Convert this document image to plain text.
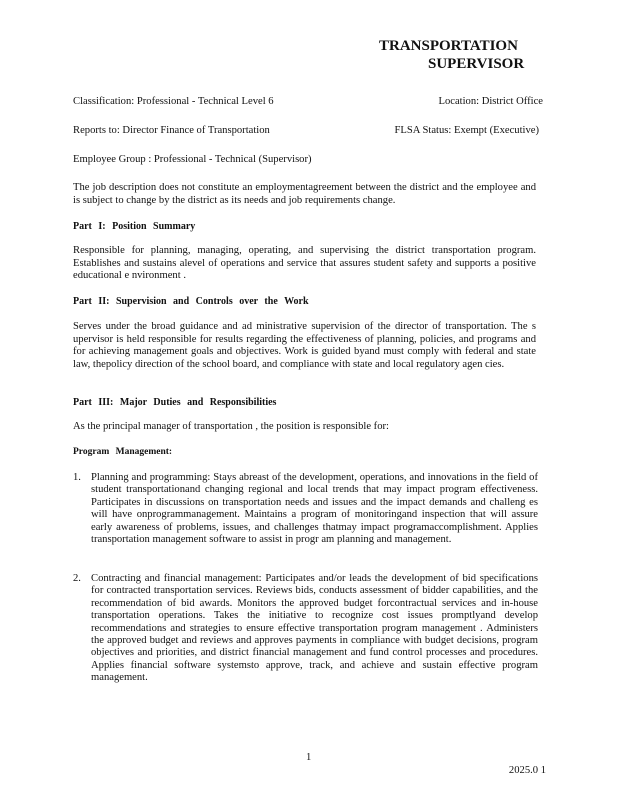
TRANSPORTATION
SUPERVISOR
Classification: Professional - Technical Level 6	Location: District Office
Reports to: Director Finance of Transportation	FLSA Status: Exempt (Executive)
Employee Group : Professional - Technical (Supervisor)
The job description does not constitute an employmentagreement between the district and the employee and is subject to change by the district as its needs and job requirements change.
Part I: Position Summary
Responsible for planning, managing, operating, and supervising the district transportation program. Establishes and sustains alevel of operations and service that assures student safety and supports a positive educational e nvironment .
Part II: Supervision and Controls over the Work
Serves under the broad guidance and ad ministrative supervision of the director of transportation. The s upervisor is held responsible for results regarding the effectiveness of planning, policies, and programs and for achieving management goals and objectives. Work is guided byand must comply with federal and state law, thepolicy direction of the school board, and compliance with state and local regulatory agen cies.
Part III: Major Duties and Responsibilities
As the principal manager of transportation , the position is responsible for:
Program Management:
1. Planning and programming: Stays abreast of the development, operations, and innovations in the field of student transportationand changing regional and local trends that may impact program effectiveness. Participates in discussions on transportation needs and issues and the impact demands and challeng es will have onprogrammanagement. Maintains a program of monitoringand inspection that will assure early awareness of problems, issues, and challenges thatmay impact programaccomplishment. Applies transportation management software to assist in progr am planning and management.
2. Contracting and financial management: Participates and/or leads the development of bid specifications for contracted transportation services. Reviews bids, conducts assessment of bidder capabilities, and the recommendation of bid awards. Monitors the approved budget forcontractual services and in-house transportation operations. Takes the initiative to recognize cost issues promptlyand develop recommendations and strategies to ensure effective transportation program management . Administers the approved budget and reviews and approves payments in compliance with budget decisions, program objectives and priorities, and district financial management and fund control processes and procedures. Applies financial software systemsto approve, track, and achieve and sustain effective program management.
1
2025.0 1
